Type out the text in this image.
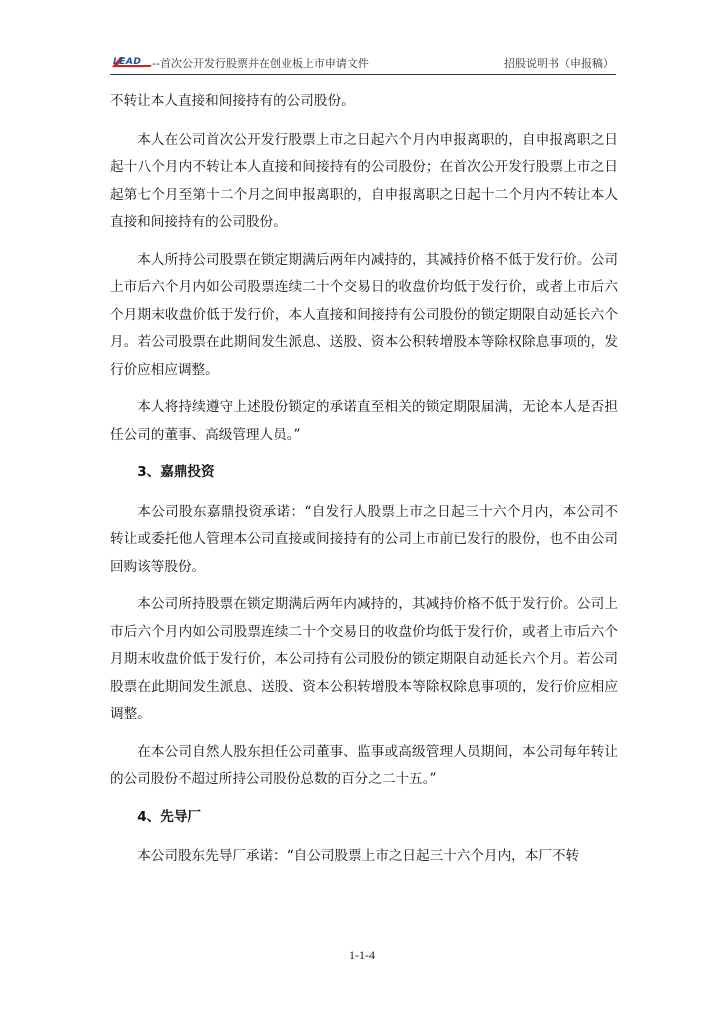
LEAD --首次公开发行股票并在创业板上市申请文件	招股说明书（申报稿）

不转让本人直接和间接持有的公司股份。

本人在公司首次公开发行股票上市之日起六个月内申报离职的，自申报离职之日起十八个月内不转让本人直接和间接持有的公司股份；在首次公开发行股票上市之日起第七个月至第十二个月之间申报离职的，自申报离职之日起十二个月内不转让本人直接和间接持有的公司股份。

本人所持公司股票在锁定期满后两年内减持的，其减持价格不低于发行价。公司上市后六个月内如公司股票连续二十个交易日的收盘价均低于发行价，或者上市后六个月期末收盘价低于发行价，本人直接和间接持有公司股份的锁定期限自动延长六个月。若公司股票在此期间发生派息、送股、资本公积转增股本等除权除息事项的，发行价应相应调整。

本人将持续遵守上述股份锁定的承诺直至相关的锁定期限届满，无论本人是否担任公司的董事、高级管理人员。”

3、嘉鼎投资

本公司股东嘉鼎投资承诺：“自发行人股票上市之日起三十六个月内，本公司不转让或委托他人管理本公司直接或间接持有的公司上市前已发行的股份，也不由公司回购该等股份。

本公司所持股票在锁定期满后两年内减持的，其减持价格不低于发行价。公司上市后六个月内如公司股票连续二十个交易日的收盘价均低于发行价，或者上市后六个月期末收盘价低于发行价，本公司持有公司股份的锁定期限自动延长六个月。若公司股票在此期间发生派息、送股、资本公积转增股本等除权除息事项的，发行价应相应调整。

在本公司自然人股东担任公司董事、监事或高级管理人员期间，本公司每年转让的公司股份不超过所持公司股份总数的百分之二十五。”

4、先导厂

本公司股东先导厂承诺：“自公司股票上市之日起三十六个月内，本厂不转

1-1-4
